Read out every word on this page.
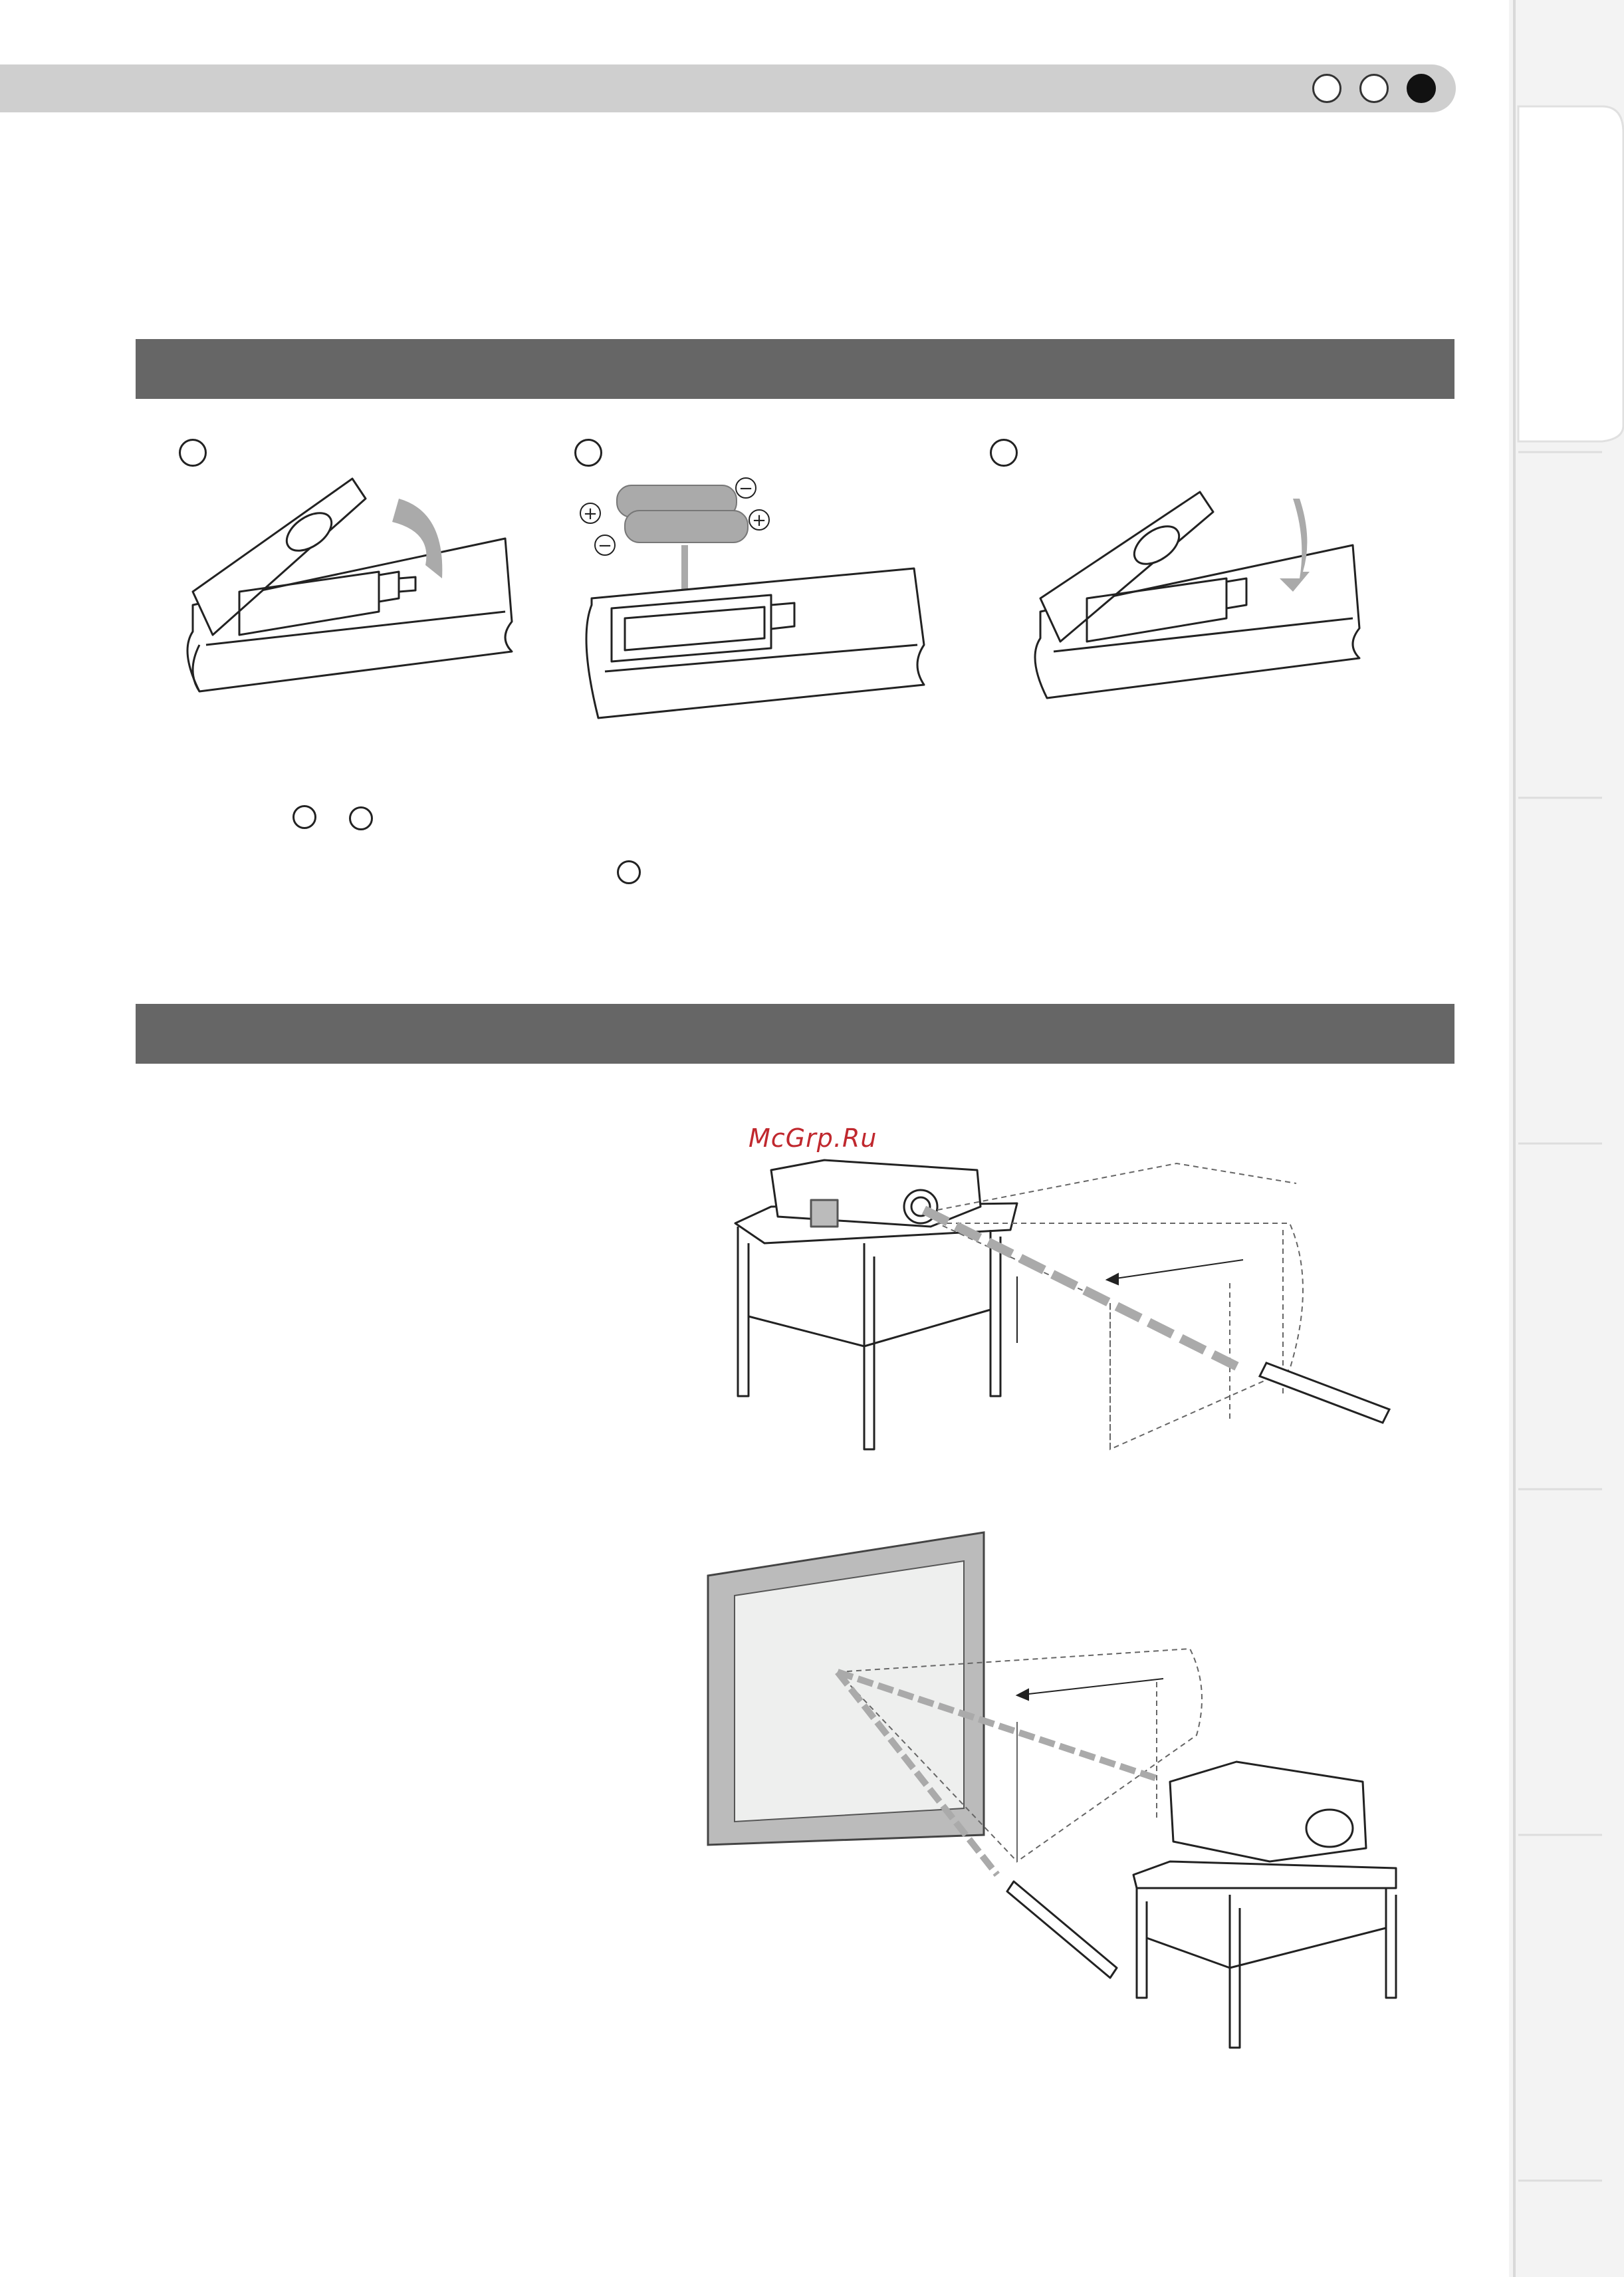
+
−
+
−
McGrp.Ru
